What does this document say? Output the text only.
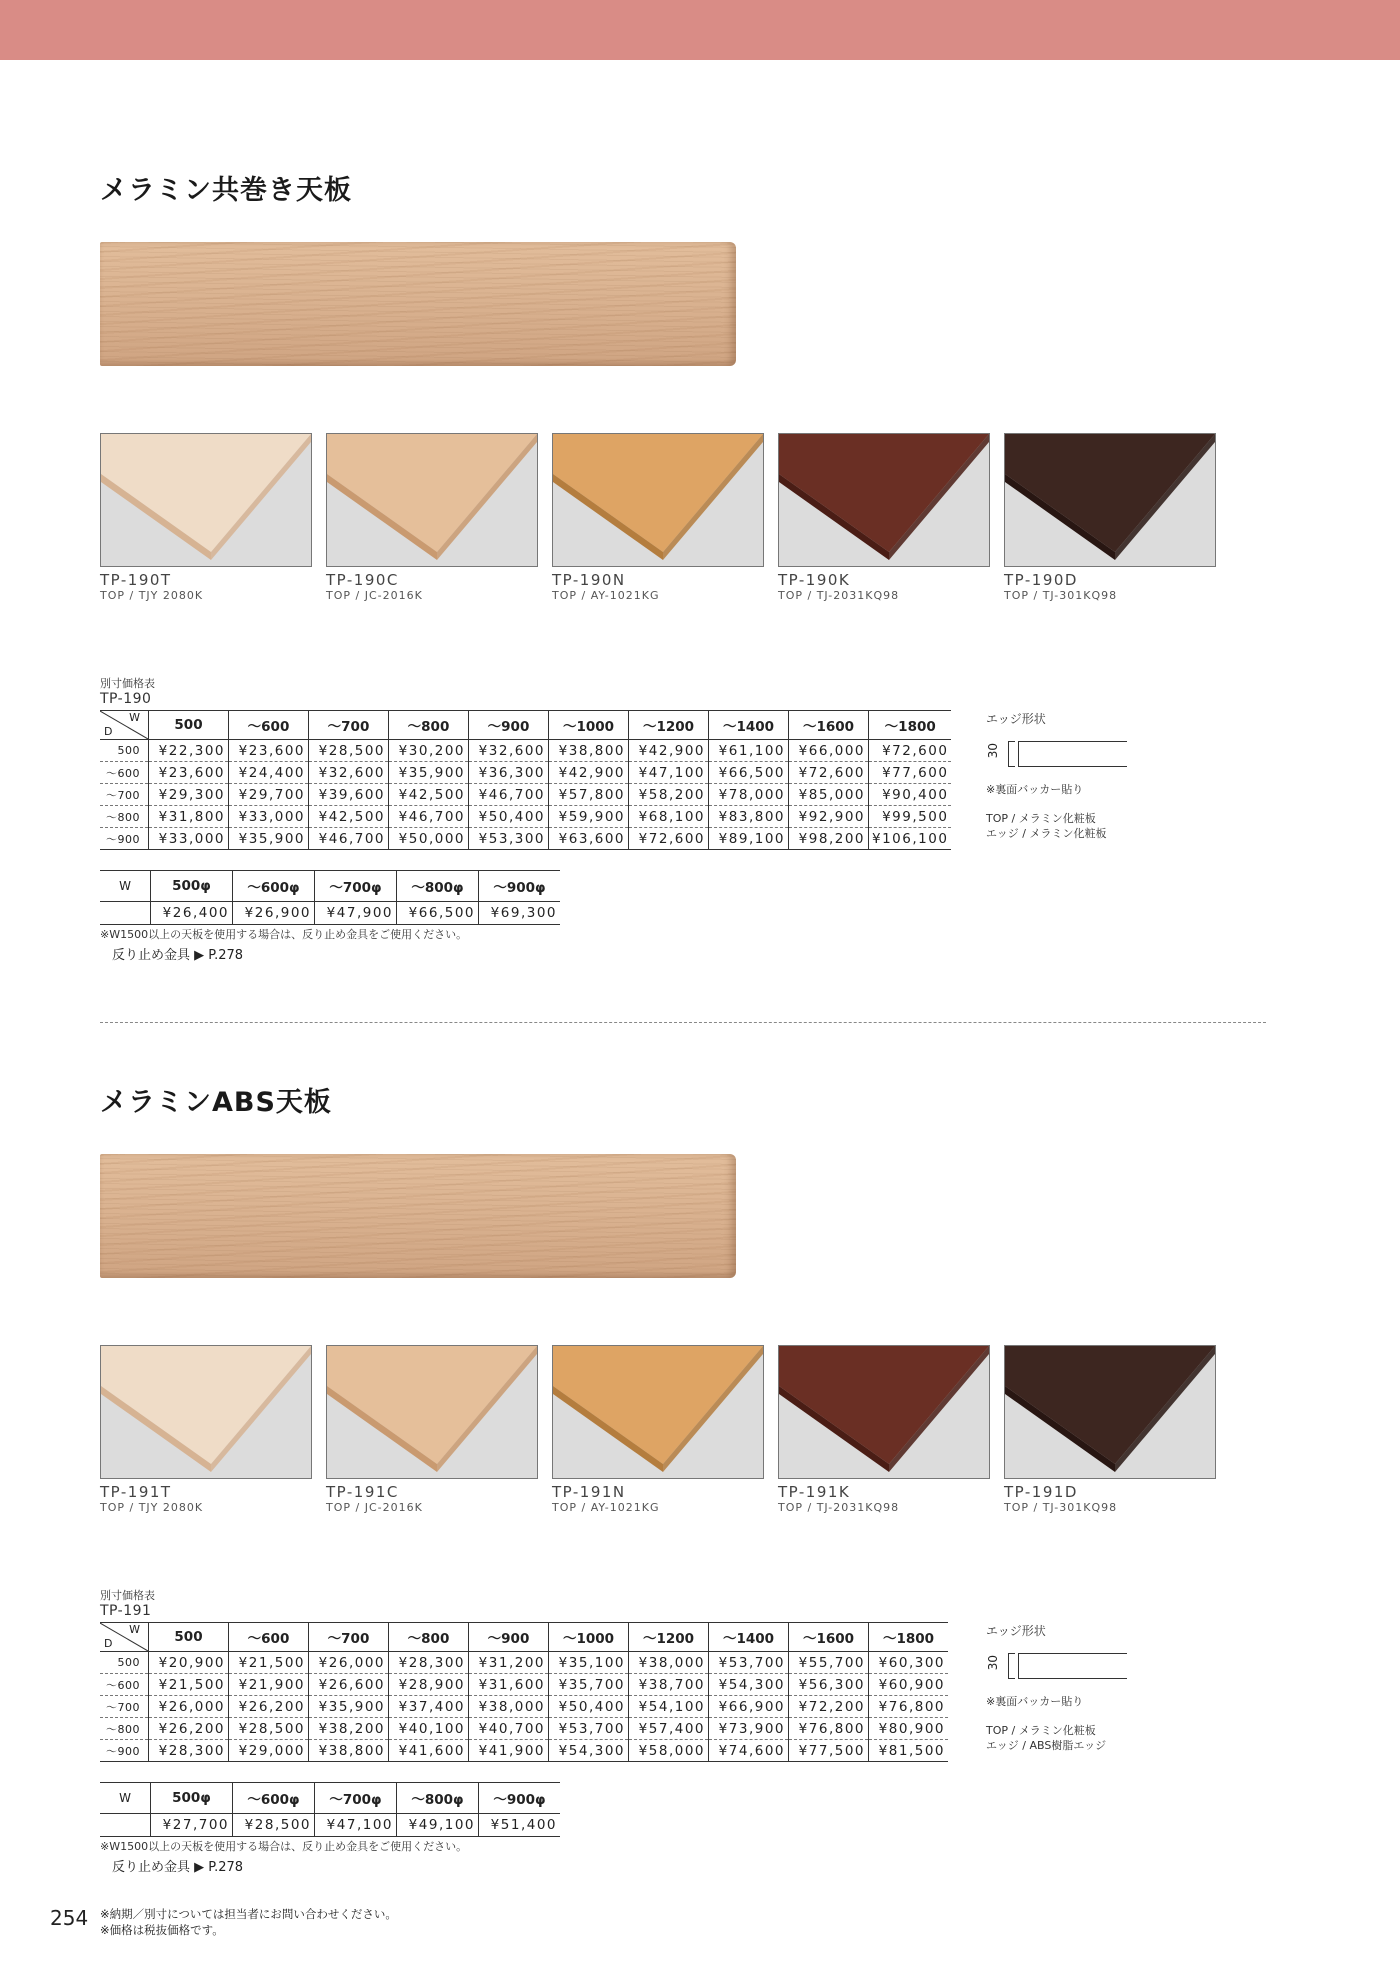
メラミン共巻き天板
TP-190T
TOP / TJY 2080K
TP-190C
TOP / JC-2016K
TP-190N
TOP / AY-1021KG
TP-190K
TOP / TJ-2031KQ98
TP-190D
TOP / TJ-301KQ98
別寸価格表
TP-190
W
D	500	～600	～700	～800	～900	～1000	～1200	～1400	～1600	～1800
500	¥22,300	¥23,600	¥28,500	¥30,200	¥32,600	¥38,800	¥42,900	¥61,100	¥66,000	¥72,600
～600	¥23,600	¥24,400	¥32,600	¥35,900	¥36,300	¥42,900	¥47,100	¥66,500	¥72,600	¥77,600
～700	¥29,300	¥29,700	¥39,600	¥42,500	¥46,700	¥57,800	¥58,200	¥78,000	¥85,000	¥90,400
～800	¥31,800	¥33,000	¥42,500	¥46,700	¥50,400	¥59,900	¥68,100	¥83,800	¥92,900	¥99,500
～900	¥33,000	¥35,900	¥46,700	¥50,000	¥53,300	¥63,600	¥72,600	¥89,100	¥98,200	¥106,100
W	500φ	～600φ	～700φ	～800φ	～900φ
	¥26,400	¥26,900	¥47,900	¥66,500	¥69,300
※W1500以上の天板を使用する場合は、反り止め金具をご使用ください。
反り止め金具 ▶ P.278
エッジ形状
30
※裏面バッカー貼り
TOP / メラミン化粧板
エッジ / メラミン化粧板
メラミンABS天板
TP-191T
TOP / TJY 2080K
TP-191C
TOP / JC-2016K
TP-191N
TOP / AY-1021KG
TP-191K
TOP / TJ-2031KQ98
TP-191D
TOP / TJ-301KQ98
別寸価格表
TP-191
W
D	500	～600	～700	～800	～900	～1000	～1200	～1400	～1600	～1800
500	¥20,900	¥21,500	¥26,000	¥28,300	¥31,200	¥35,100	¥38,000	¥53,700	¥55,700	¥60,300
～600	¥21,500	¥21,900	¥26,600	¥28,900	¥31,600	¥35,700	¥38,700	¥54,300	¥56,300	¥60,900
～700	¥26,000	¥26,200	¥35,900	¥37,400	¥38,000	¥50,400	¥54,100	¥66,900	¥72,200	¥76,800
～800	¥26,200	¥28,500	¥38,200	¥40,100	¥40,700	¥53,700	¥57,400	¥73,900	¥76,800	¥80,900
～900	¥28,300	¥29,000	¥38,800	¥41,600	¥41,900	¥54,300	¥58,000	¥74,600	¥77,500	¥81,500
W	500φ	～600φ	～700φ	～800φ	～900φ
	¥27,700	¥28,500	¥47,100	¥49,100	¥51,400
※W1500以上の天板を使用する場合は、反り止め金具をご使用ください。
反り止め金具 ▶ P.278
エッジ形状
30
※裏面バッカー貼り
TOP / メラミン化粧板
エッジ / ABS樹脂エッジ
254 ※納期／別寸については担当者にお問い合わせください。
※価格は税抜価格です。
